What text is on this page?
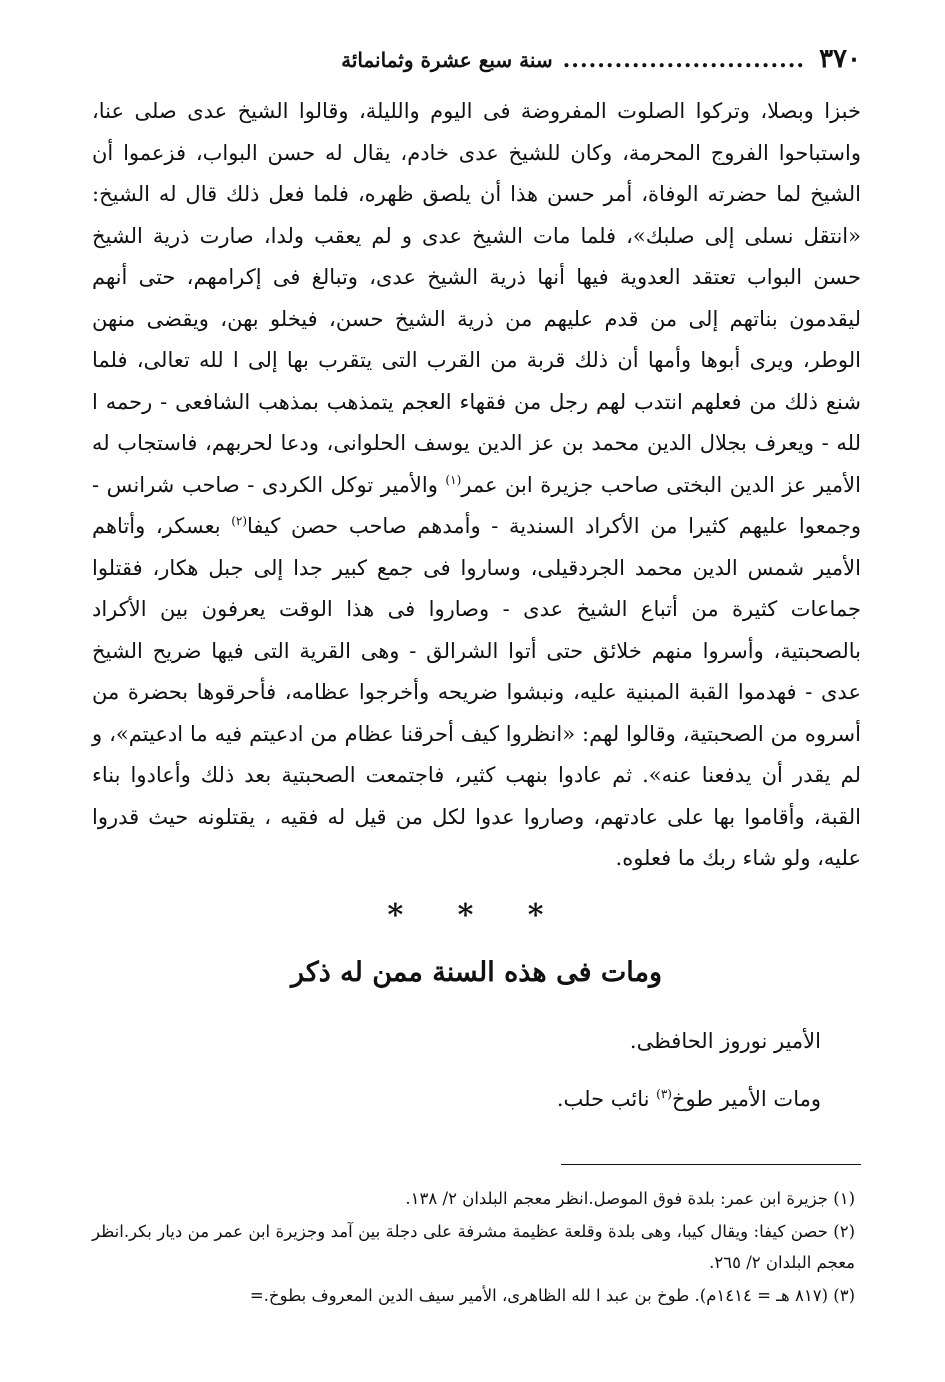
٣٧٠
............................
سنة سبع عشرة وثمانمائة

خبزا وبصلا، وتركوا الصلوت المفروضة فى اليوم والليلة، وقالوا الشيخ عدى صلى عنا، واستباحوا الفروج المحرمة، وكان للشيخ عدى خادم، يقال له حسن البواب، فزعموا أن الشيخ لما حضرته الوفاة، أمر حسن هذا أن يلصق ظهره، فلما فعل ذلك قال له الشيخ: «انتقل نسلى إلى صلبك»، فلما مات الشيخ عدى و لم يعقب ولدا، صارت ذرية الشيخ حسن البواب تعتقد العدوية فيها أنها ذرية الشيخ عدى، وتبالغ فى إكرامهم، حتى أنهم ليقدمون بناتهم إلى من قدم عليهم من ذرية الشيخ حسن، فيخلو بهن، ويقضى منهن الوطر، ويرى أبوها وأمها أن ذلك قربة من القرب التى يتقرب بها إلى ا لله تعالى، فلما شنع ذلك من فعلهم انتدب لهم رجل من فقهاء العجم يتمذهب بمذهب الشافعى - رحمه ا لله - ويعرف بجلال الدين محمد بن عز الدين يوسف الحلوانى، ودعا لحربهم، فاستجاب له الأمير عز الدين البختى صاحب جزيرة ابن عمر$^{(١)}$ والأمير توكل الكردى - صاحب شرانس - وجمعوا عليهم كثيرا من الأكراد السندية - وأمدهم صاحب حصن كيفا$^{(٢)}$ بعسكر، وأتاهم الأمير شمس الدين محمد الجردقيلى، وساروا فى جمع كبير جدا إلى جبل هكار، فقتلوا جماعات كثيرة من أتباع الشيخ عدى - وصاروا فى هذا الوقت يعرفون بين الأكراد بالصحبتية، وأسروا منهم خلائق حتى أتوا الشرالق - وهى القرية التى فيها ضريح الشيخ عدى - فهدموا القبة المبنية عليه، ونبشوا ضريحه وأخرجوا عظامه، فأحرقوها بحضرة من أسروه من الصحبتية، وقالوا لهم: «انظروا كيف أحرقنا عظام من ادعيتم فيه ما ادعيتم»، و لم يقدر أن يدفعنا عنه». ثم عادوا بنهب كثير، فاجتمعت الصحبتية بعد ذلك وأعادوا بناء القبة، وأقاموا بها على عادتهم، وصاروا عدوا لكل من قيل له فقيه ، يقتلونه حيث قدروا عليه، ولو شاء ربك ما فعلوه.

* * *
ومات فى هذه السنة ممن له ذكر
الأمير نوروز الحافظى.
ومات الأمير طوخ$^{(٣)}$ نائب حلب.
(١) جزيرة ابن عمر: بلدة فوق الموصل.انظر معجم البلدان ٢/ ١٣٨.
(٢) حصن كيفا: ويقال كيبا، وهى بلدة وقلعة عظيمة مشرفة على دجلة بين آمد وجزيرة ابن عمر من ديار بكر.انظر معجم البلدان ٢/ ٢٦٥.
(٣) (٨١٧ هـ = ١٤١٤م). طوخ بن عبد ا لله الظاهرى، الأمير سيف الدين المعروف بطوخ.=
